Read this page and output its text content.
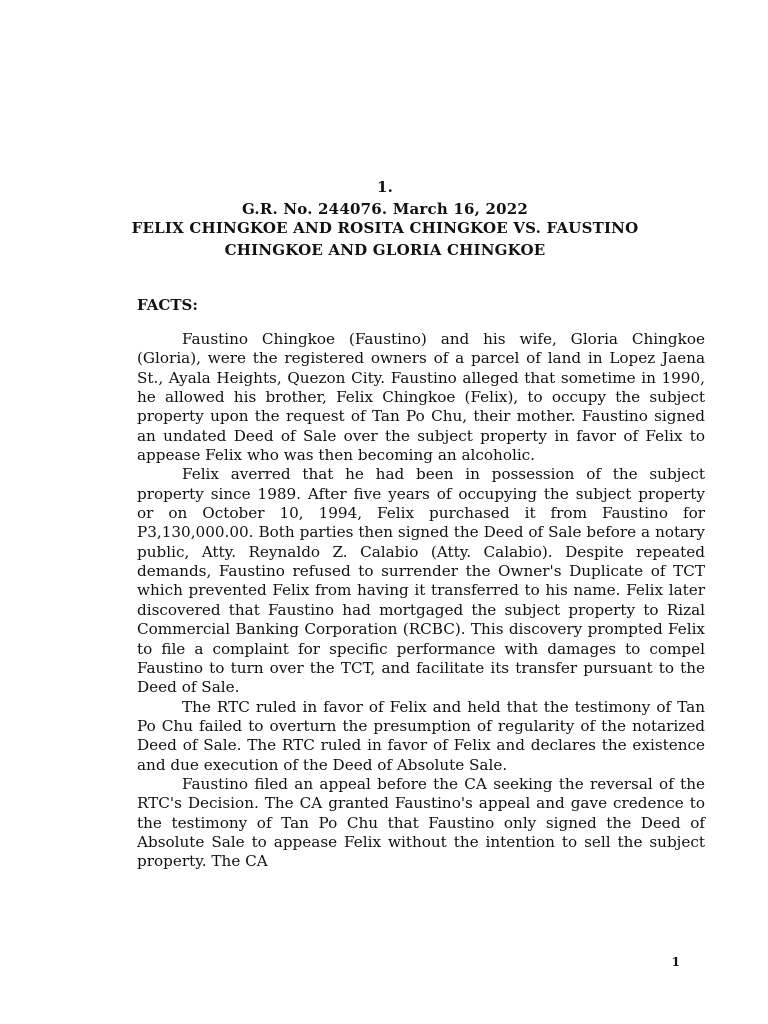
1.
G.R. No. 244076. March 16, 2022
FELIX CHINGKOE AND ROSITA CHINGKOE VS. FAUSTINO
CHINGKOE AND GLORIA CHINGKOE
FACTS:

Faustino Chingkoe (Faustino) and his wife, Gloria Chingkoe (Gloria), were the registered owners of a parcel of land in Lopez Jaena St., Ayala Heights, Quezon City. Faustino alleged that sometime in 1990, he allowed his brother, Felix Chingkoe (Felix), to occupy the subject property upon the request of Tan Po Chu, their mother. Faustino signed an undated Deed of Sale over the subject property in favor of Felix to appease Felix who was then becoming an alcoholic.

Felix averred that he had been in possession of the subject property since 1989. After five years of occupying the subject property or on October 10, 1994, Felix purchased it from Faustino for P3,130,000.00. Both parties then signed the Deed of Sale before a notary public, Atty. Reynaldo Z. Calabio (Atty. Calabio). Despite repeated demands, Faustino refused to surrender the Owner's Duplicate of TCT which prevented Felix from having it transferred to his name. Felix later discovered that Faustino had mortgaged the subject property to Rizal Commercial Banking Corporation (RCBC). This discovery prompted Felix to file a complaint for specific performance with damages to compel Faustino to turn over the TCT, and facilitate its transfer pursuant to the Deed of Sale.

The RTC ruled in favor of Felix and held that the testimony of Tan Po Chu failed to overturn the presumption of regularity of the notarized Deed of Sale. The RTC ruled in favor of Felix and declares the existence and due execution of the Deed of Absolute Sale.

Faustino filed an appeal before the CA seeking the reversal of the RTC's Decision. The CA granted Faustino's appeal and gave credence to the testimony of Tan Po Chu that Faustino only signed the Deed of Absolute Sale to appease Felix without the intention to sell the subject property. The CA

1
